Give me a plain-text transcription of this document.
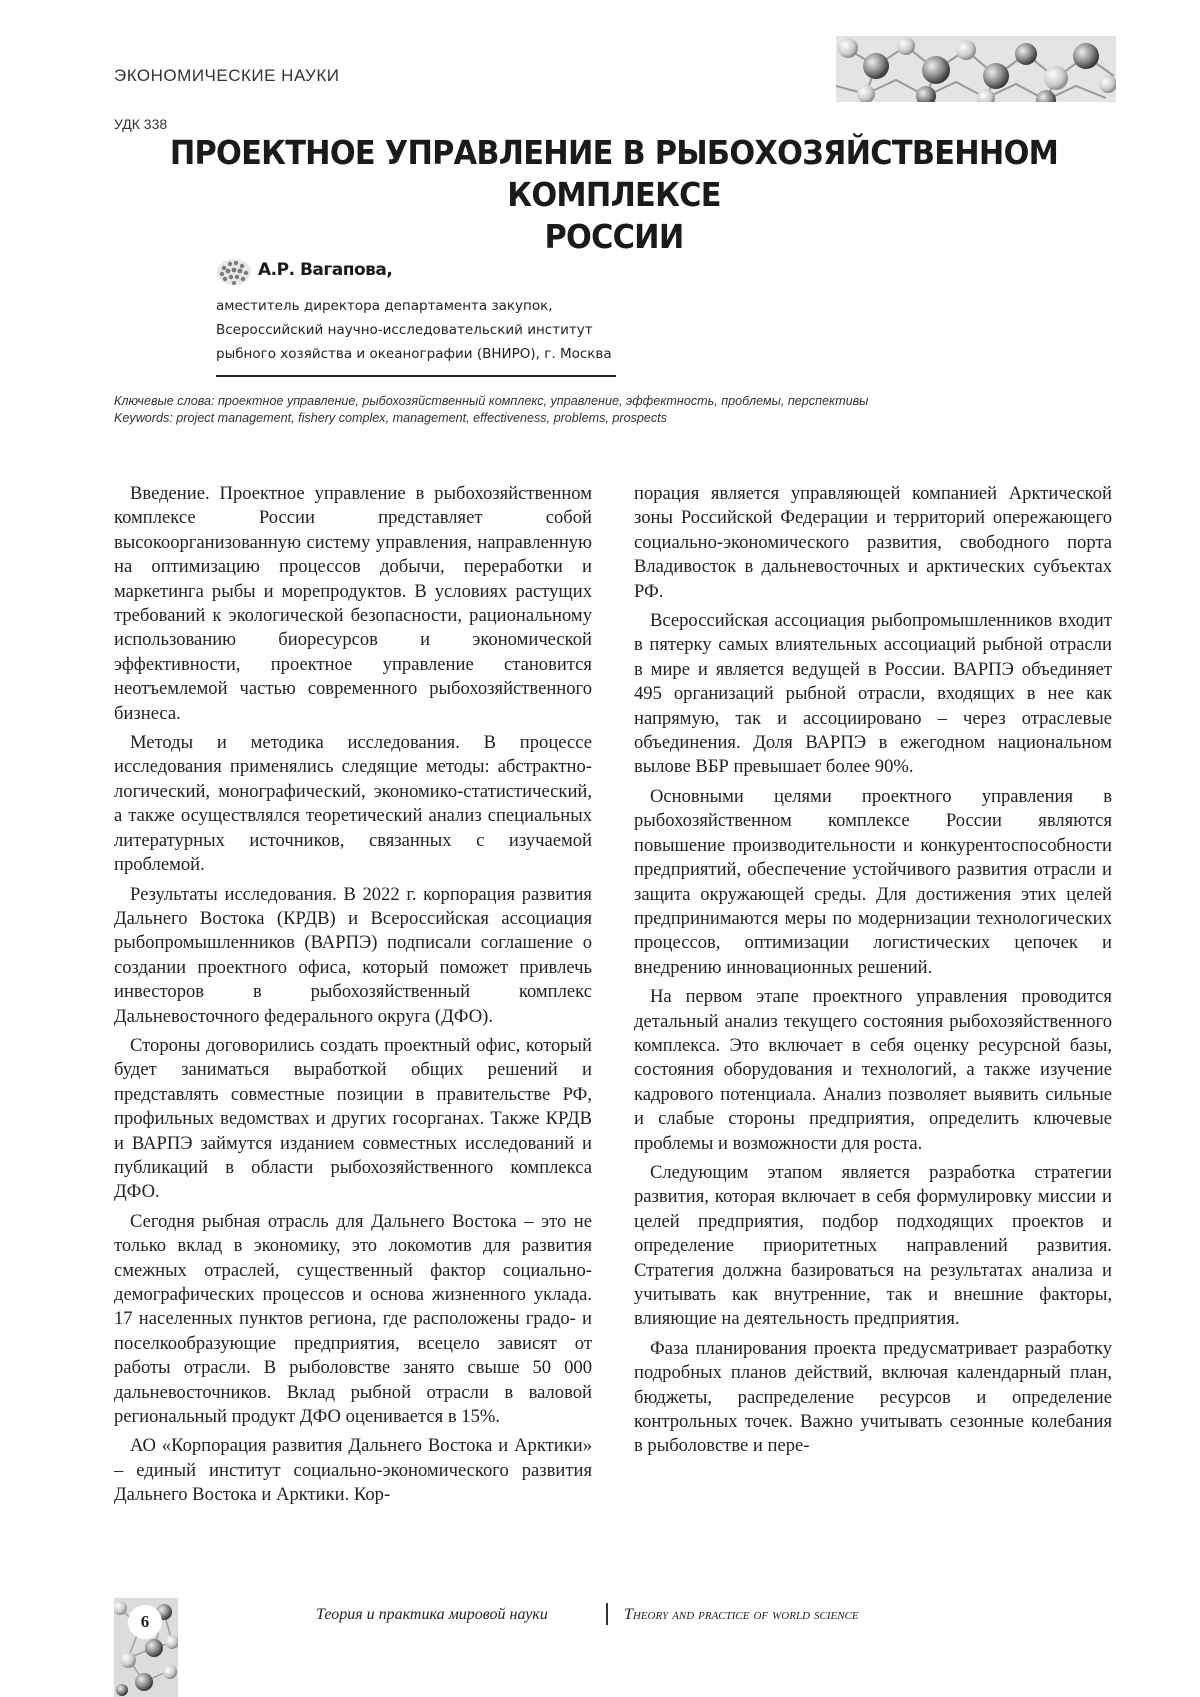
ЭКОНОМИЧЕСКИЕ НАУКИ
УДК 338
ПРОЕКТНОЕ УПРАВЛЕНИЕ В РЫБОХОЗЯЙСТВЕННОМ КОМПЛЕКСЕ
РОССИИ
А.Р. Вагапова,
аместитель директора департамента закупок,
Всероссийский научно-исследовательский институт
рыбного хозяйства и океанографии (ВНИРО), г. Москва
Ключевые слова: проектное управление, рыбохозяйственный комплекс, управление, эффектность, проблемы, перспективы
Keywords: project management, fishery complex, management, effectiveness, problems, prospects

Введение. Проектное управление в рыбохозяйственном комплексе России представляет собой высокоорганизованную систему управления, направленную на оптимизацию процессов добычи, переработки и маркетинга рыбы и морепродуктов. В условиях растущих требований к экологической безопасности, рациональному использованию биоресурсов и экономической эффективности, проектное управление становится неотъемлемой частью современного рыбохозяйственного бизнеса.

Методы и методика исследования. В процессе исследования применялись следящие методы: абстрактно-логический, монографический, экономико-статистический, а также осуществлялся теоретический анализ специальных литературных источников, связанных с изучаемой проблемой.

Результаты исследования. В 2022 г. корпорация развития Дальнего Востока (КРДВ) и Всероссийская ассоциация рыбопромышленников (ВАРПЭ) подписали соглашение о создании проектного офиса, который поможет привлечь инвесторов в рыбохозяйственный комплекс Дальневосточного федерального округа (ДФО).

Стороны договорились создать проектный офис, который будет заниматься выработкой общих решений и представлять совместные позиции в правительстве РФ, профильных ведомствах и других госорганах. Также КРДВ и ВАРПЭ займутся изданием совместных исследований и публикаций в области рыбохозяйственного комплекса ДФО.

Сегодня рыбная отрасль для Дальнего Востока – это не только вклад в экономику, это локомотив для развития смежных отраслей, существенный фактор социально-демографических процессов и основа жизненного уклада. 17 населенных пунктов региона, где расположены градо- и поселкообразующие предприятия, всецело зависят от работы отрасли. В рыболовстве занято свыше 50 000 дальневосточников. Вклад рыбной отрасли в валовой региональный продукт ДФО оценивается в 15%.

АО «Корпорация развития Дальнего Востока и Арктики» – единый институт социально-экономического развития Дальнего Востока и Арктики. Кор-

порация является управляющей компанией Арктической зоны Российской Федерации и территорий опережающего социально-экономического развития, свободного порта Владивосток в дальневосточных и арктических субъектах РФ.

Всероссийская ассоциация рыбопромышленников входит в пятерку самых влиятельных ассоциаций рыбной отрасли в мире и является ведущей в России. ВАРПЭ объединяет 495 организаций рыбной отрасли, входящих в нее как напрямую, так и ассоциировано – через отраслевые объединения. Доля ВАРПЭ в ежегодном национальном вылове ВБР превышает более 90%.

Основными целями проектного управления в рыбохозяйственном комплексе России являются повышение производительности и конкурентоспособности предприятий, обеспечение устойчивого развития отрасли и защита окружающей среды. Для достижения этих целей предпринимаются меры по модернизации технологических процессов, оптимизации логистических цепочек и внедрению инновационных решений.

На первом этапе проектного управления проводится детальный анализ текущего состояния рыбохозяйственного комплекса. Это включает в себя оценку ресурсной базы, состояния оборудования и технологий, а также изучение кадрового потенциала. Анализ позволяет выявить сильные и слабые стороны предприятия, определить ключевые проблемы и возможности для роста.

Следующим этапом является разработка стратегии развития, которая включает в себя формулировку миссии и целей предприятия, подбор подходящих проектов и определение приоритетных направлений развития. Стратегия должна базироваться на результатах анализа и учитывать как внутренние, так и внешние факторы, влияющие на деятельность предприятия.

Фаза планирования проекта предусматривает разработку подробных планов действий, включая календарный план, бюджеты, распределение ресурсов и определение контрольных точек. Важно учитывать сезонные колебания в рыболовстве и пере-

6	Теория и практика мировой науки	Theory and practice of world science
